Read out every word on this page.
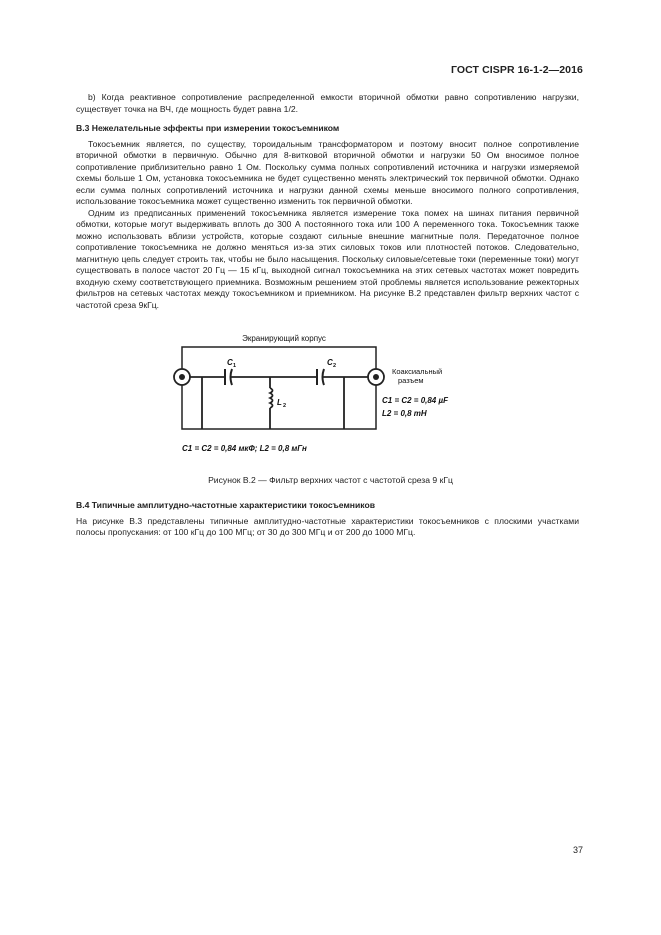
ГОСТ CISPR 16-1-2—2016

b) Когда реактивное сопротивление распределенной емкости вторичной обмотки равно сопротивлению нагрузки, существует точка на ВЧ, где мощность будет равна 1/2.

В.3 Нежелательные эффекты при измерении токосъемником

Токосъемник является, по существу, тороидальным трансформатором и поэтому вносит полное сопротивление вторичной обмотки в первичную. Обычно для 8-витковой вторичной обмотки и нагрузки 50 Ом вносимое полное сопротивление приблизительно равно 1 Ом. Поскольку сумма полных сопротивлений источника и нагрузки измеряемой схемы больше 1 Ом, установка токосъемника не будет существенно менять электрический ток первичной обмотки. Однако если сумма полных сопротивлений источника и нагрузки данной схемы меньше вносимого полного сопротивления, использование токосъемника может существенно изменить ток первичной обмотки.

Одним из предписанных применений токосъемника является измерение тока помех на шинах питания первичной обмотки, которые могут выдерживать вплоть до 300 А постоянного тока или 100 А переменного тока. Токосъемник также можно использовать вблизи устройств, которые создают сильные внешние магнитные поля. Передаточное полное сопротивление токосъемника не должно меняться из-за этих силовых токов или плотностей потоков. Следовательно, магнитную цепь следует строить так, чтобы не было насыщения. Поскольку силовые/сетевые токи (переменные токи) могут существовать в полосе частот 20 Гц — 15 кГц, выходной сигнал токосъемника на этих сетевых частотах может повредить входную схему соответствующего приемника. Возможным решением этой проблемы является использование режекторных фильтров на сетевых частотах между токосъемником и приемником. На рисунке В.2 представлен фильтр верхних частот с частотой среза 9кГц.

Экранирующий корпус
C 1	C 2
L 2
Коаксиальный
разъем
C1 = C2 = 0,84 µF
L2 = 0,8 mH
C1 = C2 = 0,84 мкФ; L2 = 0,8 мГн
Рисунок В.2 — Фильтр верхних частот с частотой среза 9 кГц
В.4 Типичные амплитудно-частотные характеристики токосъемников

На рисунке В.3 представлены типичные амплитудно-частотные характеристики токосъемников с плоскими участками полосы пропускания: от 100 кГц до 100 МГц; от 30 до 300 МГц и от 200 до 1000 МГц.

37
